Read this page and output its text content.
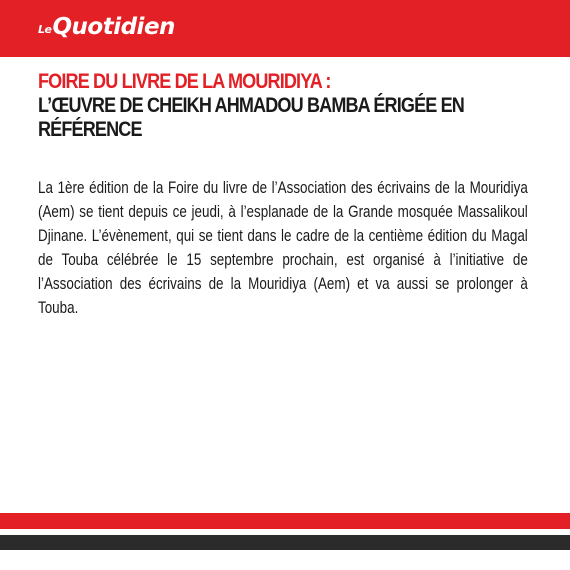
LeQuotidien
FOIRE DU LIVRE DE LA MOURIDIYA :
L’ŒUVRE DE CHEIKH AHMADOU BAMBA ÉRIGÉE EN RÉFÉRENCE

La 1ère édition de la Foire du livre de l’Association des écrivains de la Mouridiya (Aem) se tient depuis ce jeudi, à l’esplanade de la Grande mosquée Massalikoul Djinane. L’évènement, qui se tient dans le cadre de la centième édition du Magal de Touba célébrée le 15 septembre prochain, est organisé à l’initiative de l’Association des écrivains de la Mouridiya (Aem) et va aussi se prolonger à Touba.
